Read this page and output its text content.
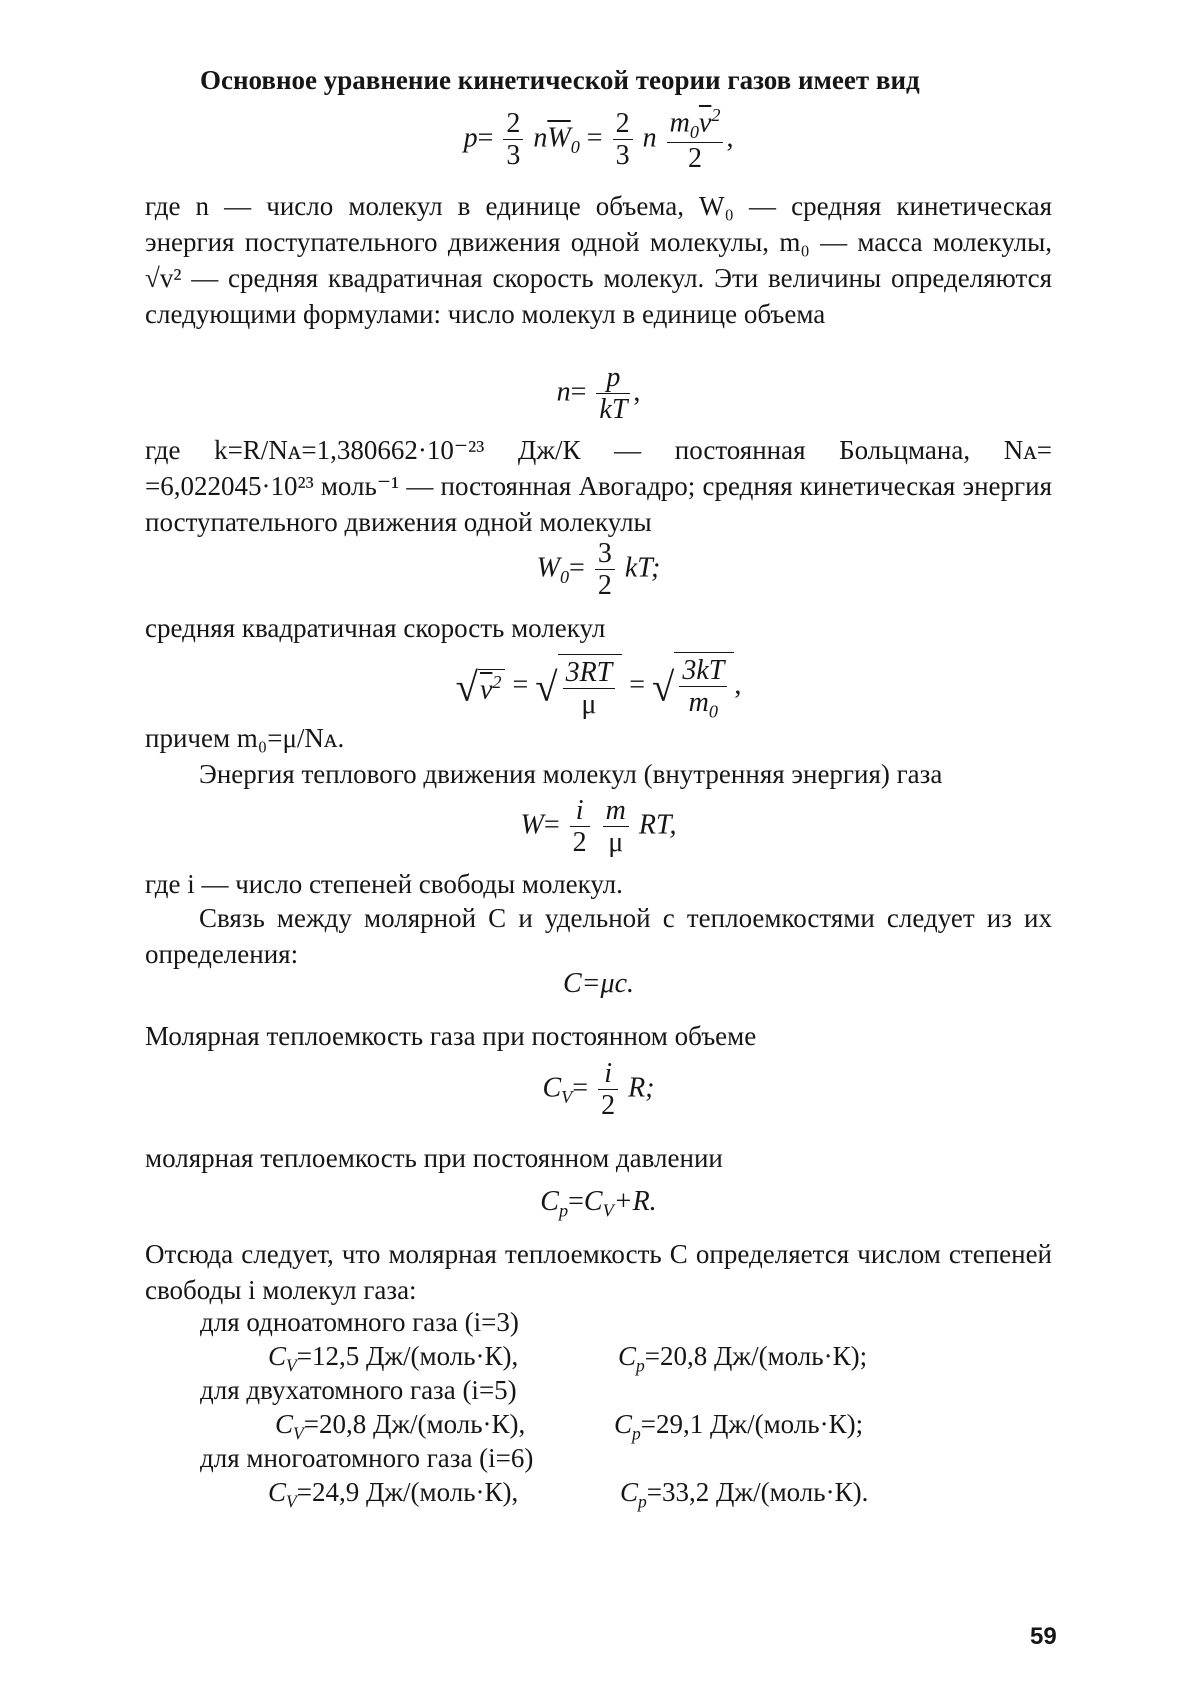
Основное уравнение кинетической теории газов имеет вид
$p= \frac{2}{3} n\overline{W}_0 = \frac{2}{3}$ n $\frac{m_0\overline{v}^2}{2}$ ,
где n — число молекул в единице объема, W₀ — средняя кинетическая энергия поступательного движения одной молекулы, m₀ — масса молекулы, √v² — средняя квадратичная скорость молекул. Эти величины определяются следующими формулами: число молекул в единице объема
$n= \frac{p}{kT}$ ,
где k=R/Nᴀ=1,380662·10⁻²³ Дж/К — постоянная Больцмана, Nᴀ= =6,022045·10²³ моль⁻¹ — постоянная Авогадро; средняя кинетическая энергия поступательного движения одной молекулы
$W_0= \frac{3}{2}$ kT;
средняя квадратичная скорость молекул
$√v^2$ = √ $\frac{3RT}{\mu}$ = √ $\frac{3kT}{m_0}$ ,
причем m₀=μ/Nᴀ.
Энергия теплового движения молекул (внутренняя энергия) газа
$W= \frac{i}{2}$
$\frac{m}{\mu}$ RT,
где i — число степеней свободы молекул.
Связь между молярной C и удельной c теплоемкостями следует из их определения:
C=μc.
Молярная теплоемкость газа при постоянном объеме
$C_V= \frac{i}{2} R$;
молярная теплоемкость при постоянном давлении
$C_p=C_V+R$.
Отсюда следует, что молярная теплоемкость C определяется числом степеней свободы i молекул газа:
для одноатомного газа (i=3)
$C_V=12,5$ Дж/(моль·К),	$C_p=20,8$ Дж/(моль·К);
для двухатомного газа (i=5)
$C_V=20,8$ Дж/(моль·К),	$C_p=29,1$ Дж/(моль·К);
для многоатомного газа (i=6)
$C_V=24,9$ Дж/(моль·К),	$C_p=33,2$ Дж/(моль·К).
59
